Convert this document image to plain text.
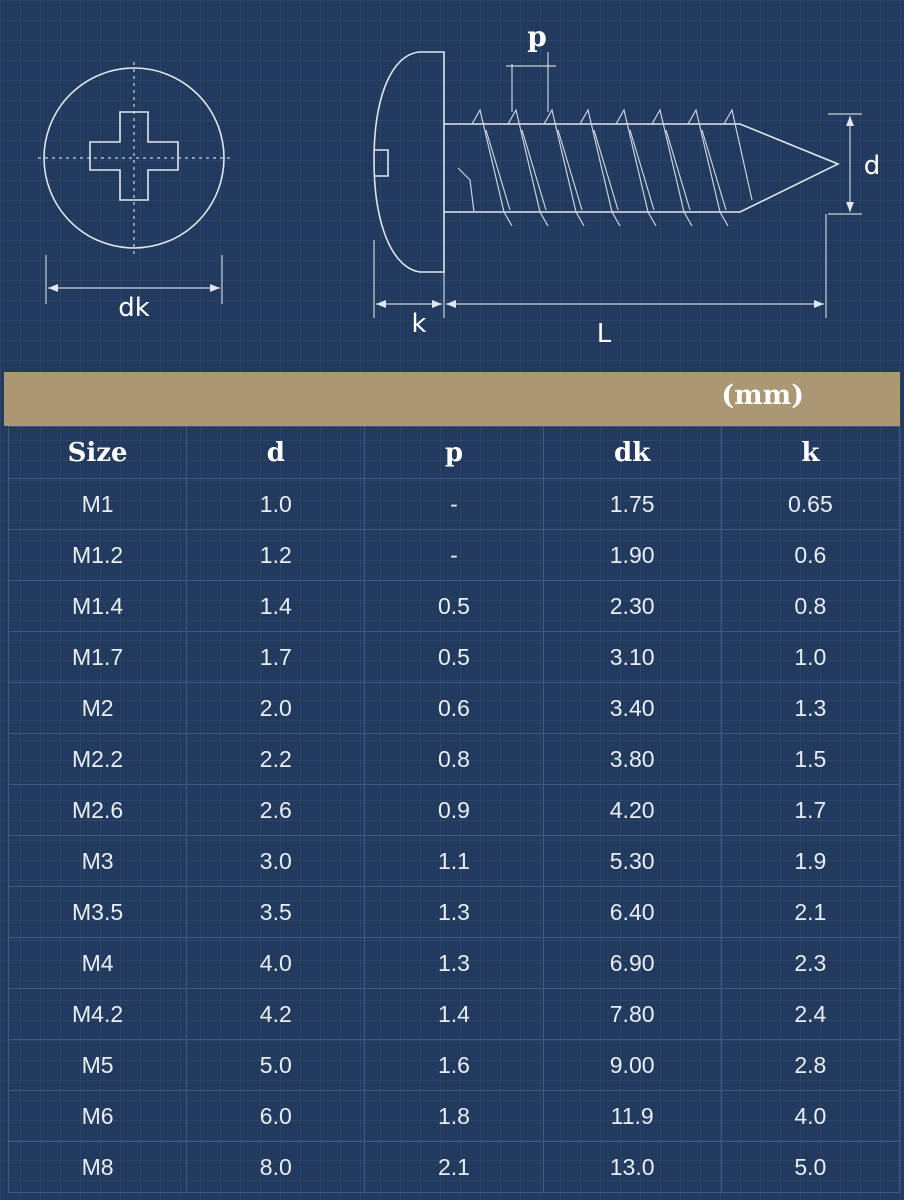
dk
p
d
k	L
(mm)
Size	d	p	dk	k
M1	1.0	-	1.75	0.65
M1.2	1.2	-	1.90	0.6
M1.4	1.4	0.5	2.30	0.8
M1.7	1.7	0.5	3.10	1.0
M2	2.0	0.6	3.40	1.3
M2.2	2.2	0.8	3.80	1.5
M2.6	2.6	0.9	4.20	1.7
M3	3.0	1.1	5.30	1.9
M3.5	3.5	1.3	6.40	2.1
M4	4.0	1.3	6.90	2.3
M4.2	4.2	1.4	7.80	2.4
M5	5.0	1.6	9.00	2.8
M6	6.0	1.8	11.9	4.0
M8	8.0	2.1	13.0	5.0
